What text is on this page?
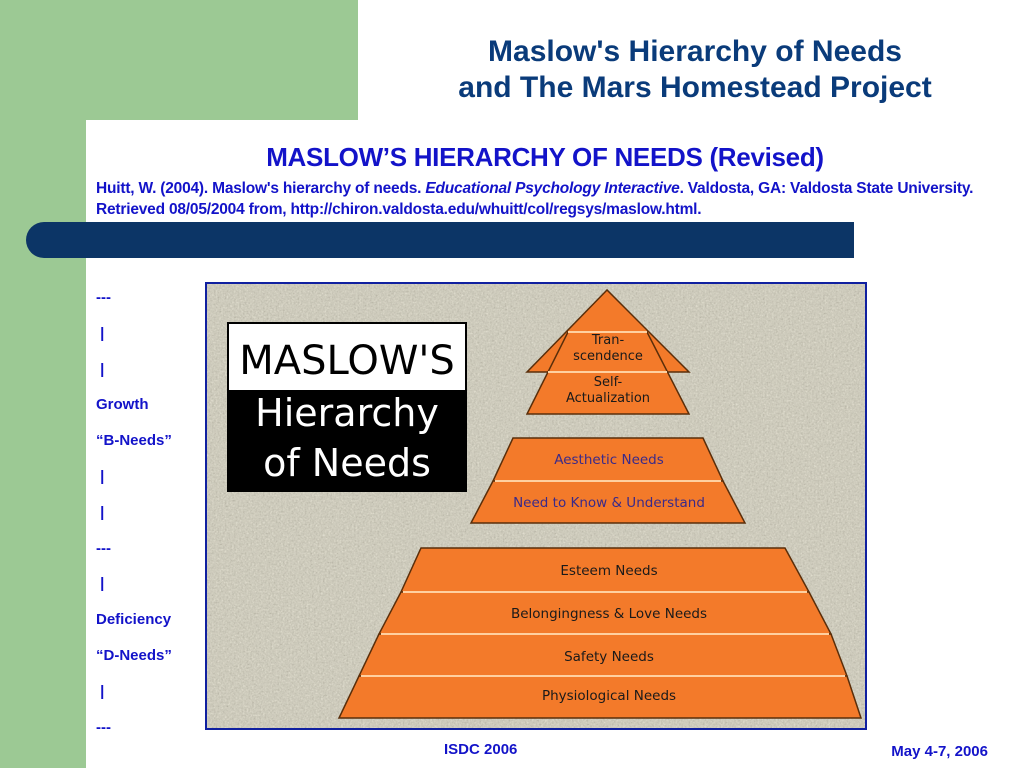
Maslow's Hierarchy of Needs
and The Mars Homestead Project
MASLOW’S HIERARCHY OF NEEDS (Revised)
Huitt, W. (2004). Maslow's hierarchy of needs. Educational Psychology Interactive. Valdosta, GA: Valdosta State University. Retrieved 08/05/2004 from, http://chiron.valdosta.edu/whuitt/col/regsys/maslow.html.
---
|
|
Growth
“B-Needs”
|
|
---
|
Deficiency
“D-Needs”
|
---
MASLOW'S
Hierarchy
of Needs
Tran-
scendence
Self-
Actualization
Aesthetic Needs
Need to Know & Understand
Esteem Needs
Belongingness & Love Needs
Safety Needs
Physiological Needs
ISDC 2006	May 4-7, 2006
